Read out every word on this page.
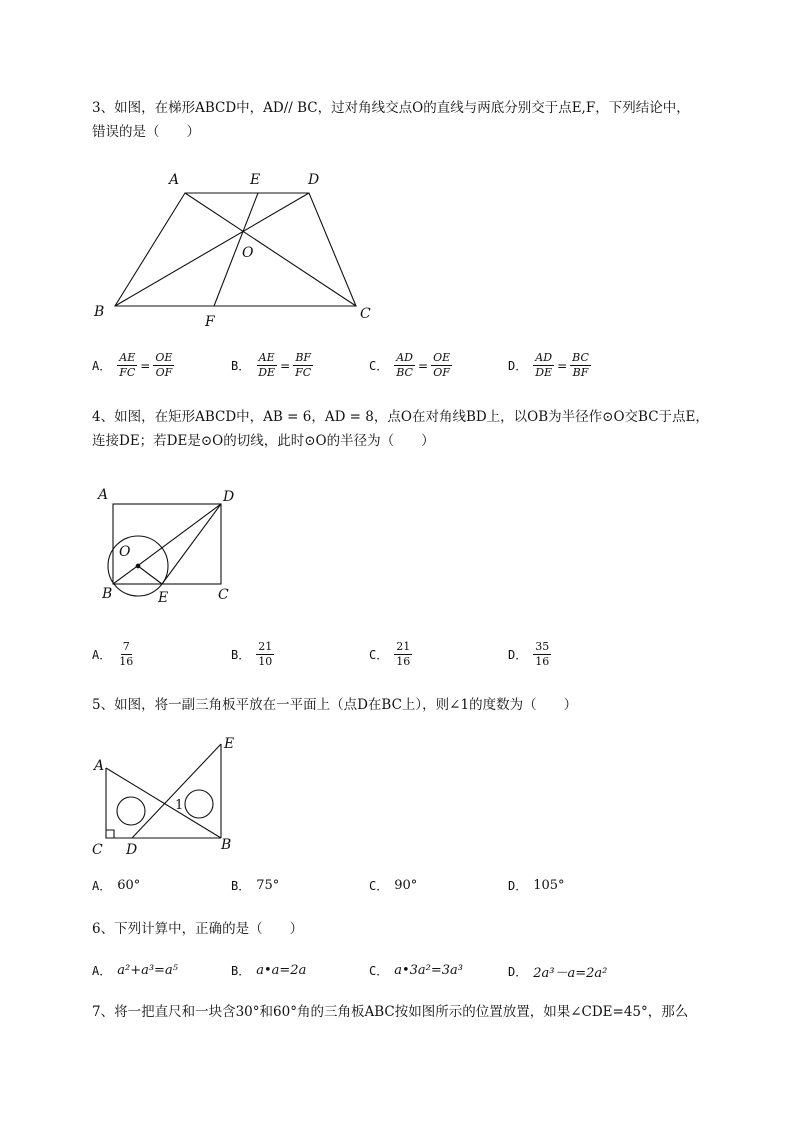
3、如图，在梯形ABCD中，AD// BC，过对角线交点O的直线与两底分别交于点E,F，下列结论中，
错误的是（　　）
A	E	D
O
B
F	C
A． $\frac{AE}{FC} = \frac{OE}{OF}$	B． $\frac{AE}{DE} = \frac{BF}{FC}$	C． $\frac{AD}{BC} = \frac{OE}{OF}$	D． $\frac{AD}{DE} = \frac{BC}{BF}$
4、如图，在矩形ABCD中，AB = 6，AD = 8，点O在对角线BD上，以OB为半径作⊙O交BC于点E，
连接DE；若DE是⊙O的切线，此时⊙O的半径为（　　）
A	D
O
B	E	C
A． $\frac{7}{16}$	B． $\frac{21}{10}$	C． $\frac{21}{16}$	D． $\frac{35}{16}$
5、如图，将一副三角板平放在一平面上（点D在BC上），则∠1的度数为（　　）
E
A
1
C D	B
A． 60°	B． 75°	C． 90°	D． 105°
6、下列计算中，正确的是（　　）
A． a²+a³=a⁵	B． a•a=2a	C． a•3a²=3a³	D． 2a³－a=2a²
7、将一把直尺和一块含30°和60°角的三角板ABC按如图所示的位置放置，如果∠CDE=45°，那么
